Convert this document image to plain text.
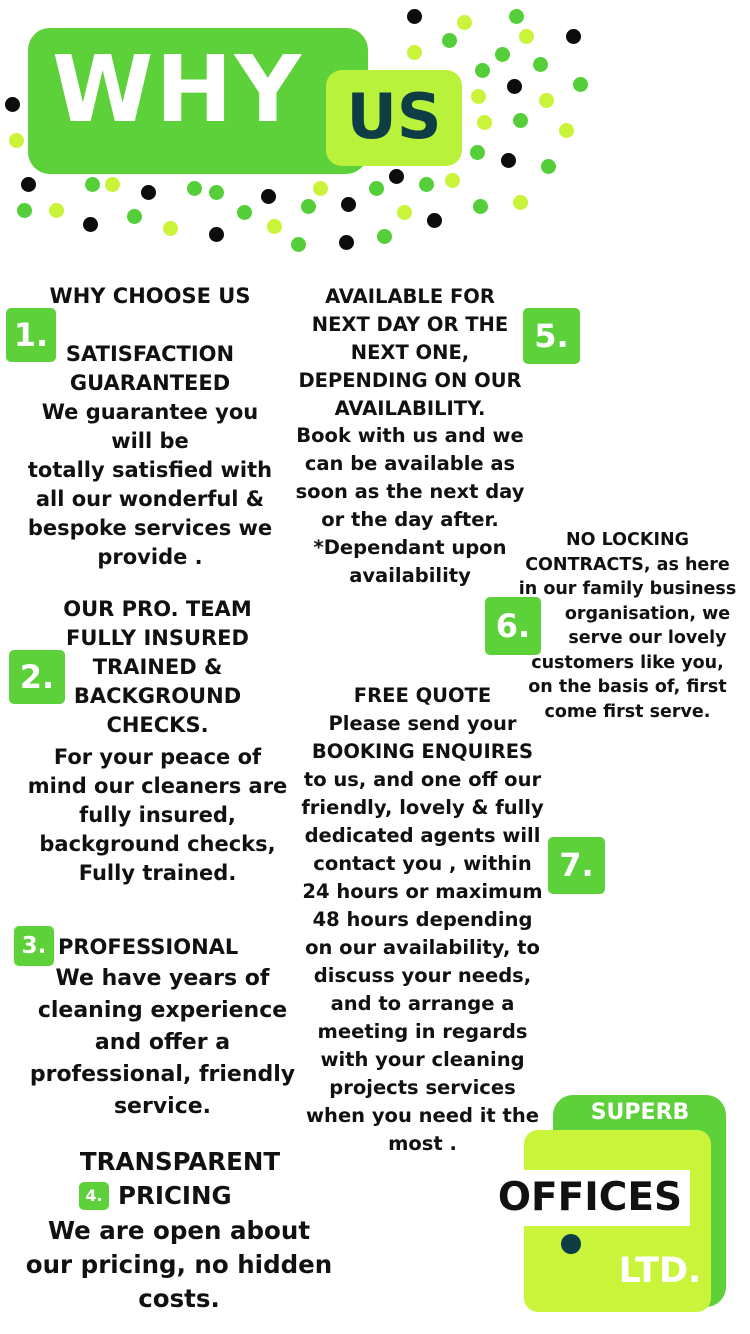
WHY US
1.
WHY CHOOSE US
SATISFACTION
GUARANTEED
We guarantee you
will be
totally satisfied with
all our wonderful &
bespoke services we
provide .
2.
OUR PRO. TEAM
FULLY INSURED
TRAINED &
BACKGROUND
CHECKS.
For your peace of
mind our cleaners are
fully insured,
background checks,
Fully trained.
3. PROFESSIONAL
We have years of
cleaning experience
and offer a
professional, friendly
service.
4.
TRANSPARENT
PRICING
We are open about
our pricing, no hidden
costs.
5.
AVAILABLE FOR
NEXT DAY OR THE
NEXT ONE,
DEPENDING ON OUR
AVAILABILITY.
Book with us and we
can be available as
soon as the next day
or the day after.
*Dependant upon
availability
6.
NO LOCKING
CONTRACTS, as here
in our family business
organisation, we
serve our lovely
customers like you,
on the basis of, first
come first serve.
7.
FREE QUOTE
Please send your
BOOKING ENQUIRES
to us, and one off our
friendly, lovely & fully
dedicated agents will
contact you , within
24 hours or maximum
48 hours depending
on our availability, to
discuss your needs,
and to arrange a
meeting in regards
with your cleaning
projects services
when you need it the
most .
SUPERB
OFFICES
LTD.
